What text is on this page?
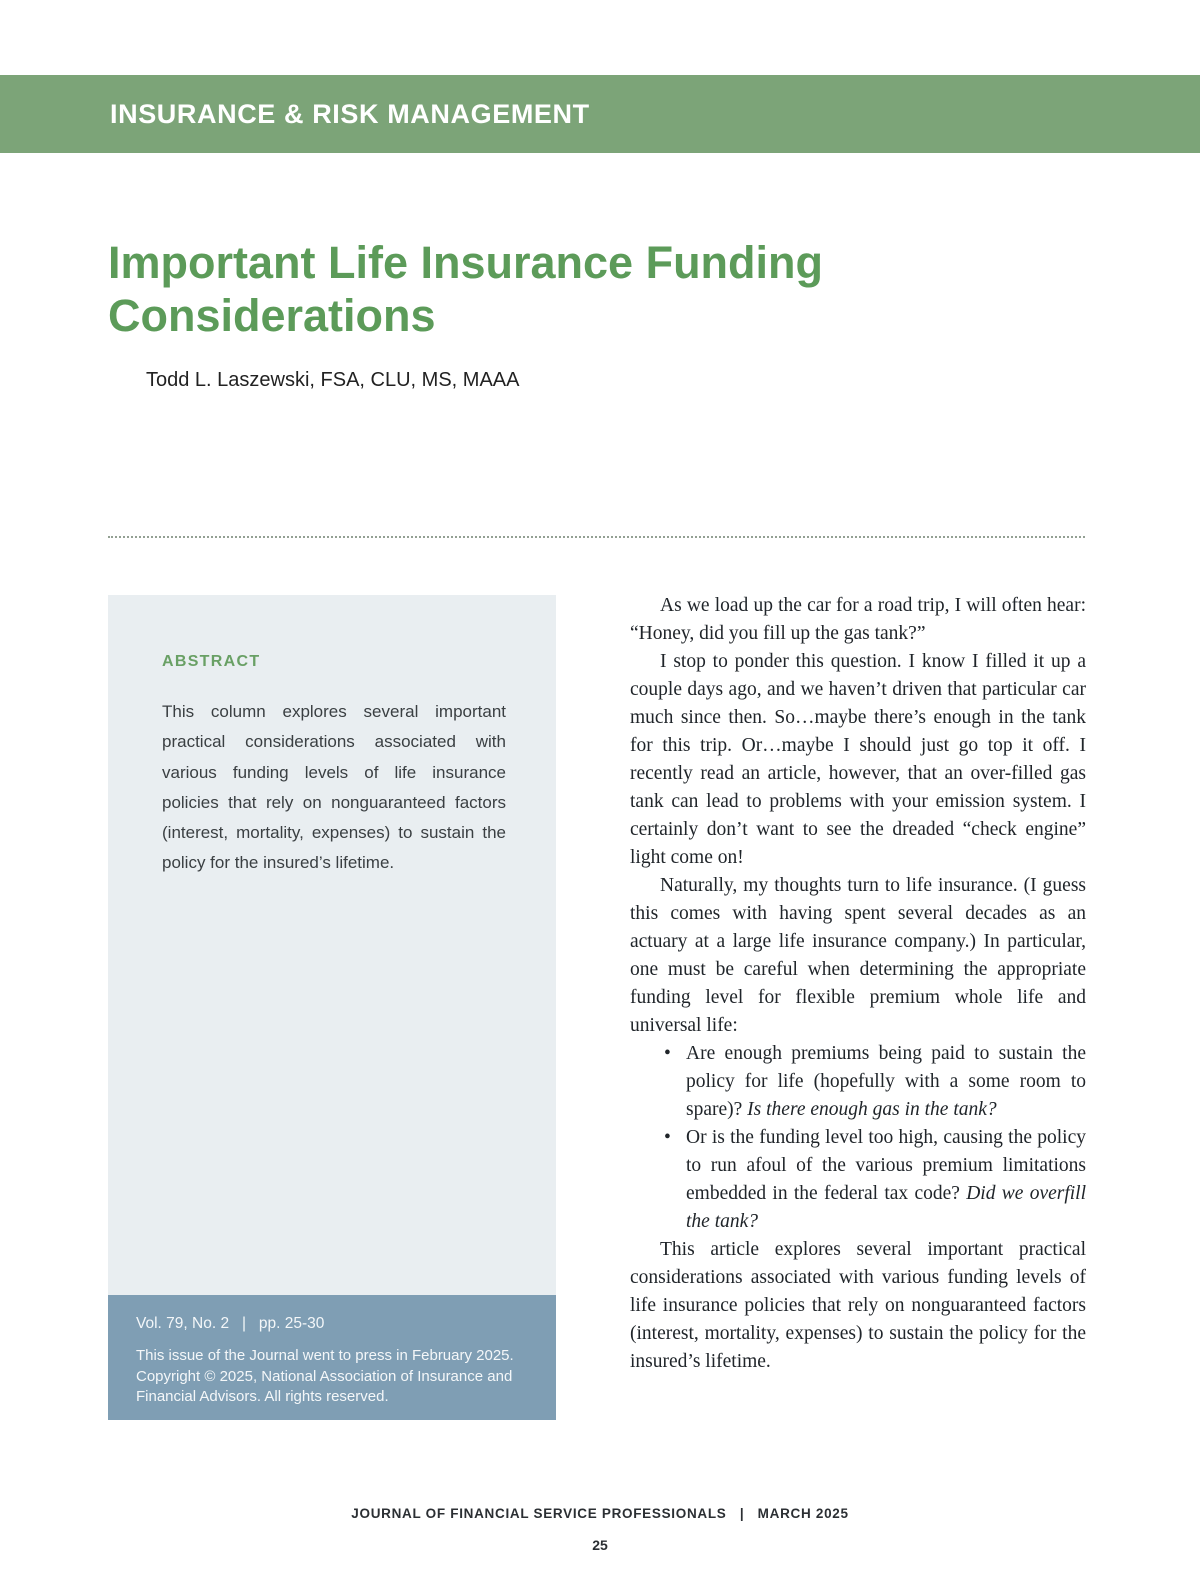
INSURANCE & RISK MANAGEMENT
Important Life Insurance Funding Considerations
Todd L. Laszewski, FSA, CLU, MS, MAAA
ABSTRACT

This column explores several important practical considerations associated with various funding levels of life insurance policies that rely on nonguaranteed factors (interest, mortality, expenses) to sustain the policy for the insured’s lifetime.

Vol. 79, No. 2   |   pp. 25-30

This issue of the Journal went to press in February 2025. Copyright © 2025, National Association of Insurance and Financial Advisors. All rights reserved.

As we load up the car for a road trip, I will often hear: “Honey, did you fill up the gas tank?”

I stop to ponder this question. I know I filled it up a couple days ago, and we haven’t driven that particular car much since then. So…maybe there’s enough in the tank for this trip. Or…maybe I should just go top it off. I recently read an article, however, that an over-filled gas tank can lead to problems with your emission system. I certainly don’t want to see the dreaded “check engine” light come on!

Naturally, my thoughts turn to life insurance. (I guess this comes with having spent several decades as an actuary at a large life insurance company.) In particular, one must be careful when determining the appropriate funding level for flexible premium whole life and universal life:

• Are enough premiums being paid to sustain the policy for life (hopefully with a some room to spare)? Is there enough gas in the tank?
• Or is the funding level too high, causing the policy to run afoul of the various premium limitations embedded in the federal tax code? Did we overfill the tank?

This article explores several important practical considerations associated with various funding levels of life insurance policies that rely on nonguaranteed factors (interest, mortality, expenses) to sustain the policy for the insured’s lifetime.

JOURNAL OF FINANCIAL SERVICE PROFESSIONALS   |   MARCH 2025
25
